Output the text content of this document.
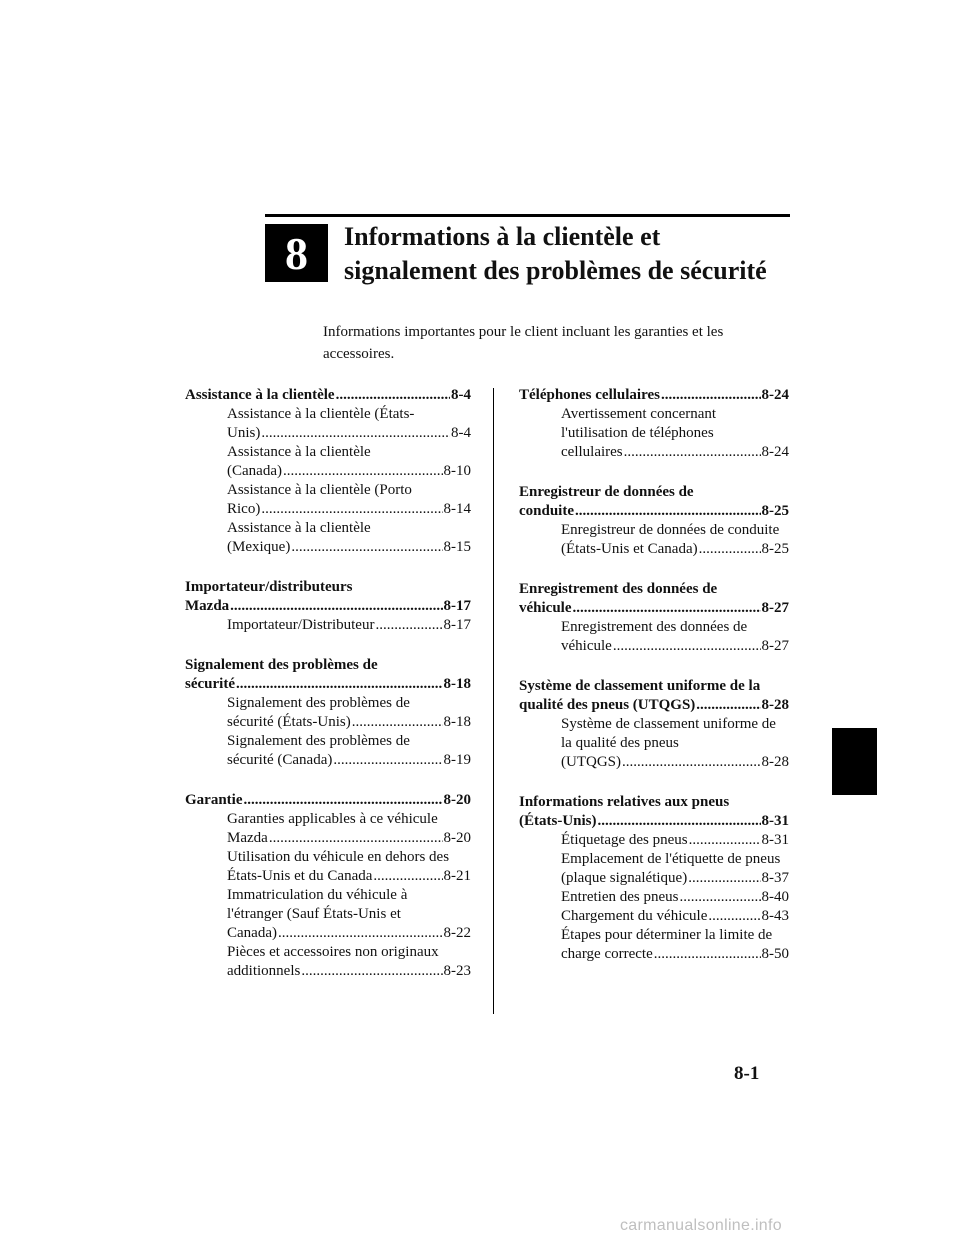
8 Informations à la clientèle et
signalement des problèmes de sécurité
Informations importantes pour le client incluant les garanties et les
accessoires.
Assistance à la clientèle .....	8-4
Assistance à la clientèle (États-
Unis) .....	8-4
Assistance à la clientèle
(Canada) .....	8-10
Assistance à la clientèle (Porto
Rico) .....	8-14
Assistance à la clientèle
(Mexique) .....	8-15
Importateur/distributeurs
Mazda .....	8-17
Importateur/Distributeur .....	8-17
Signalement des problèmes de
sécurité .....	8-18
Signalement des problèmes de
sécurité (États-Unis) .....	8-18
Signalement des problèmes de
sécurité (Canada) .....	8-19
Garantie .....	8-20
Garanties applicables à ce véhicule
Mazda .....	8-20
Utilisation du véhicule en dehors des
États-Unis et du Canada .....	8-21
Immatriculation du véhicule à
l'étranger (Sauf États-Unis et
Canada) .....	8-22
Pièces et accessoires non originaux
additionnels .....	8-23
Téléphones cellulaires .....	8-24
Avertissement concernant
l'utilisation de téléphones
cellulaires .....	8-24
Enregistreur de données de
conduite .....	8-25
Enregistreur de données de conduite
(États-Unis et Canada) .....	8-25
Enregistrement des données de
véhicule .....	8-27
Enregistrement des données de
véhicule .....	8-27
Système de classement uniforme de la
qualité des pneus (UTQGS) .....	8-28
Système de classement uniforme de
la qualité des pneus
(UTQGS) .....	8-28
Informations relatives aux pneus
(États-Unis) .....	8-31
Étiquetage des pneus .....	8-31
Emplacement de l'étiquette de pneus
(plaque signalétique) .....	8-37
Entretien des pneus .....	8-40
Chargement du véhicule .....	8-43
Étapes pour déterminer la limite de
charge correcte .....	8-50
8-1
carmanualsonline.info
